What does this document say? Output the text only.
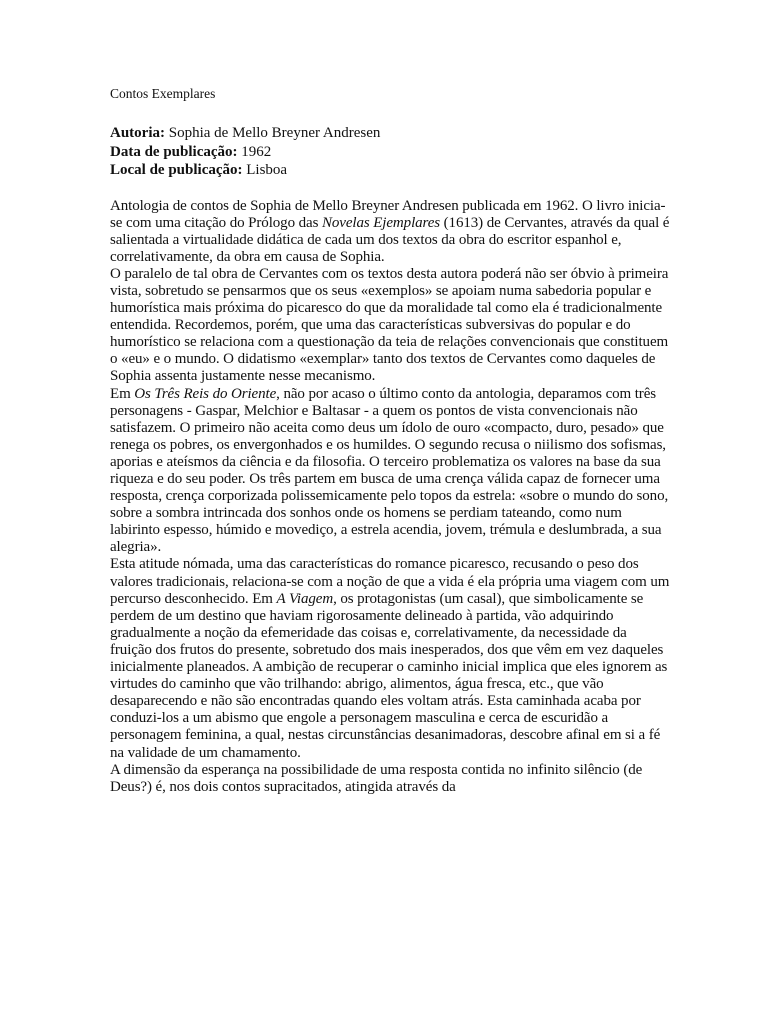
Contos Exemplares
Autoria: Sophia de Mello Breyner Andresen
Data de publicação: 1962
Local de publicação: Lisboa

Antologia de contos de Sophia de Mello Breyner Andresen publicada em 1962. O livro inicia-se com uma citação do Prólogo das Novelas Ejemplares (1613) de Cervantes, através da qual é salientada a virtualidade didática de cada um dos textos da obra do escritor espanhol e, correlativamente, da obra em causa de Sophia.

O paralelo de tal obra de Cervantes com os textos desta autora poderá não ser óbvio à primeira vista, sobretudo se pensarmos que os seus «exemplos» se apoiam numa sabedoria popular e humorística mais próxima do picaresco do que da moralidade tal como ela é tradicionalmente entendida. Recordemos, porém, que uma das características subversivas do popular e do humorístico se relaciona com a questionação da teia de relações convencionais que constituem o «eu» e o mundo. O didatismo «exemplar» tanto dos textos de Cervantes como daqueles de Sophia assenta justamente nesse mecanismo.

Em Os Três Reis do Oriente, não por acaso o último conto da antologia, deparamos com três personagens - Gaspar, Melchior e Baltasar - a quem os pontos de vista convencionais não satisfazem. O primeiro não aceita como deus um ídolo de ouro «compacto, duro, pesado» que renega os pobres, os envergonhados e os humildes. O segundo recusa o niilismo dos sofismas, aporias e ateísmos da ciência e da filosofia. O terceiro problematiza os valores na base da sua riqueza e do seu poder. Os três partem em busca de uma crença válida capaz de fornecer uma resposta, crença corporizada polissemicamente pelo topos da estrela: «sobre o mundo do sono, sobre a sombra intrincada dos sonhos onde os homens se perdiam tateando, como num labirinto espesso, húmido e movediço, a estrela acendia, jovem, trémula e deslumbrada, a sua alegria».

Esta atitude nómada, uma das características do romance picaresco, recusando o peso dos valores tradicionais, relaciona-se com a noção de que a vida é ela própria uma viagem com um percurso desconhecido. Em A Viagem, os protagonistas (um casal), que simbolicamente se perdem de um destino que haviam rigorosamente delineado à partida, vão adquirindo gradualmente a noção da efemeridade das coisas e, correlativamente, da necessidade da fruição dos frutos do presente, sobretudo dos mais inesperados, dos que vêm em vez daqueles inicialmente planeados. A ambição de recuperar o caminho inicial implica que eles ignorem as virtudes do caminho que vão trilhando: abrigo, alimentos, água fresca, etc., que vão desaparecendo e não são encontradas quando eles voltam atrás. Esta caminhada acaba por conduzi-los a um abismo que engole a personagem masculina e cerca de escuridão a personagem feminina, a qual, nestas circunstâncias desanimadoras, descobre afinal em si a fé na validade de um chamamento.

A dimensão da esperança na possibilidade de uma resposta contida no infinito silêncio (de Deus?) é, nos dois contos supracitados, atingida através da
